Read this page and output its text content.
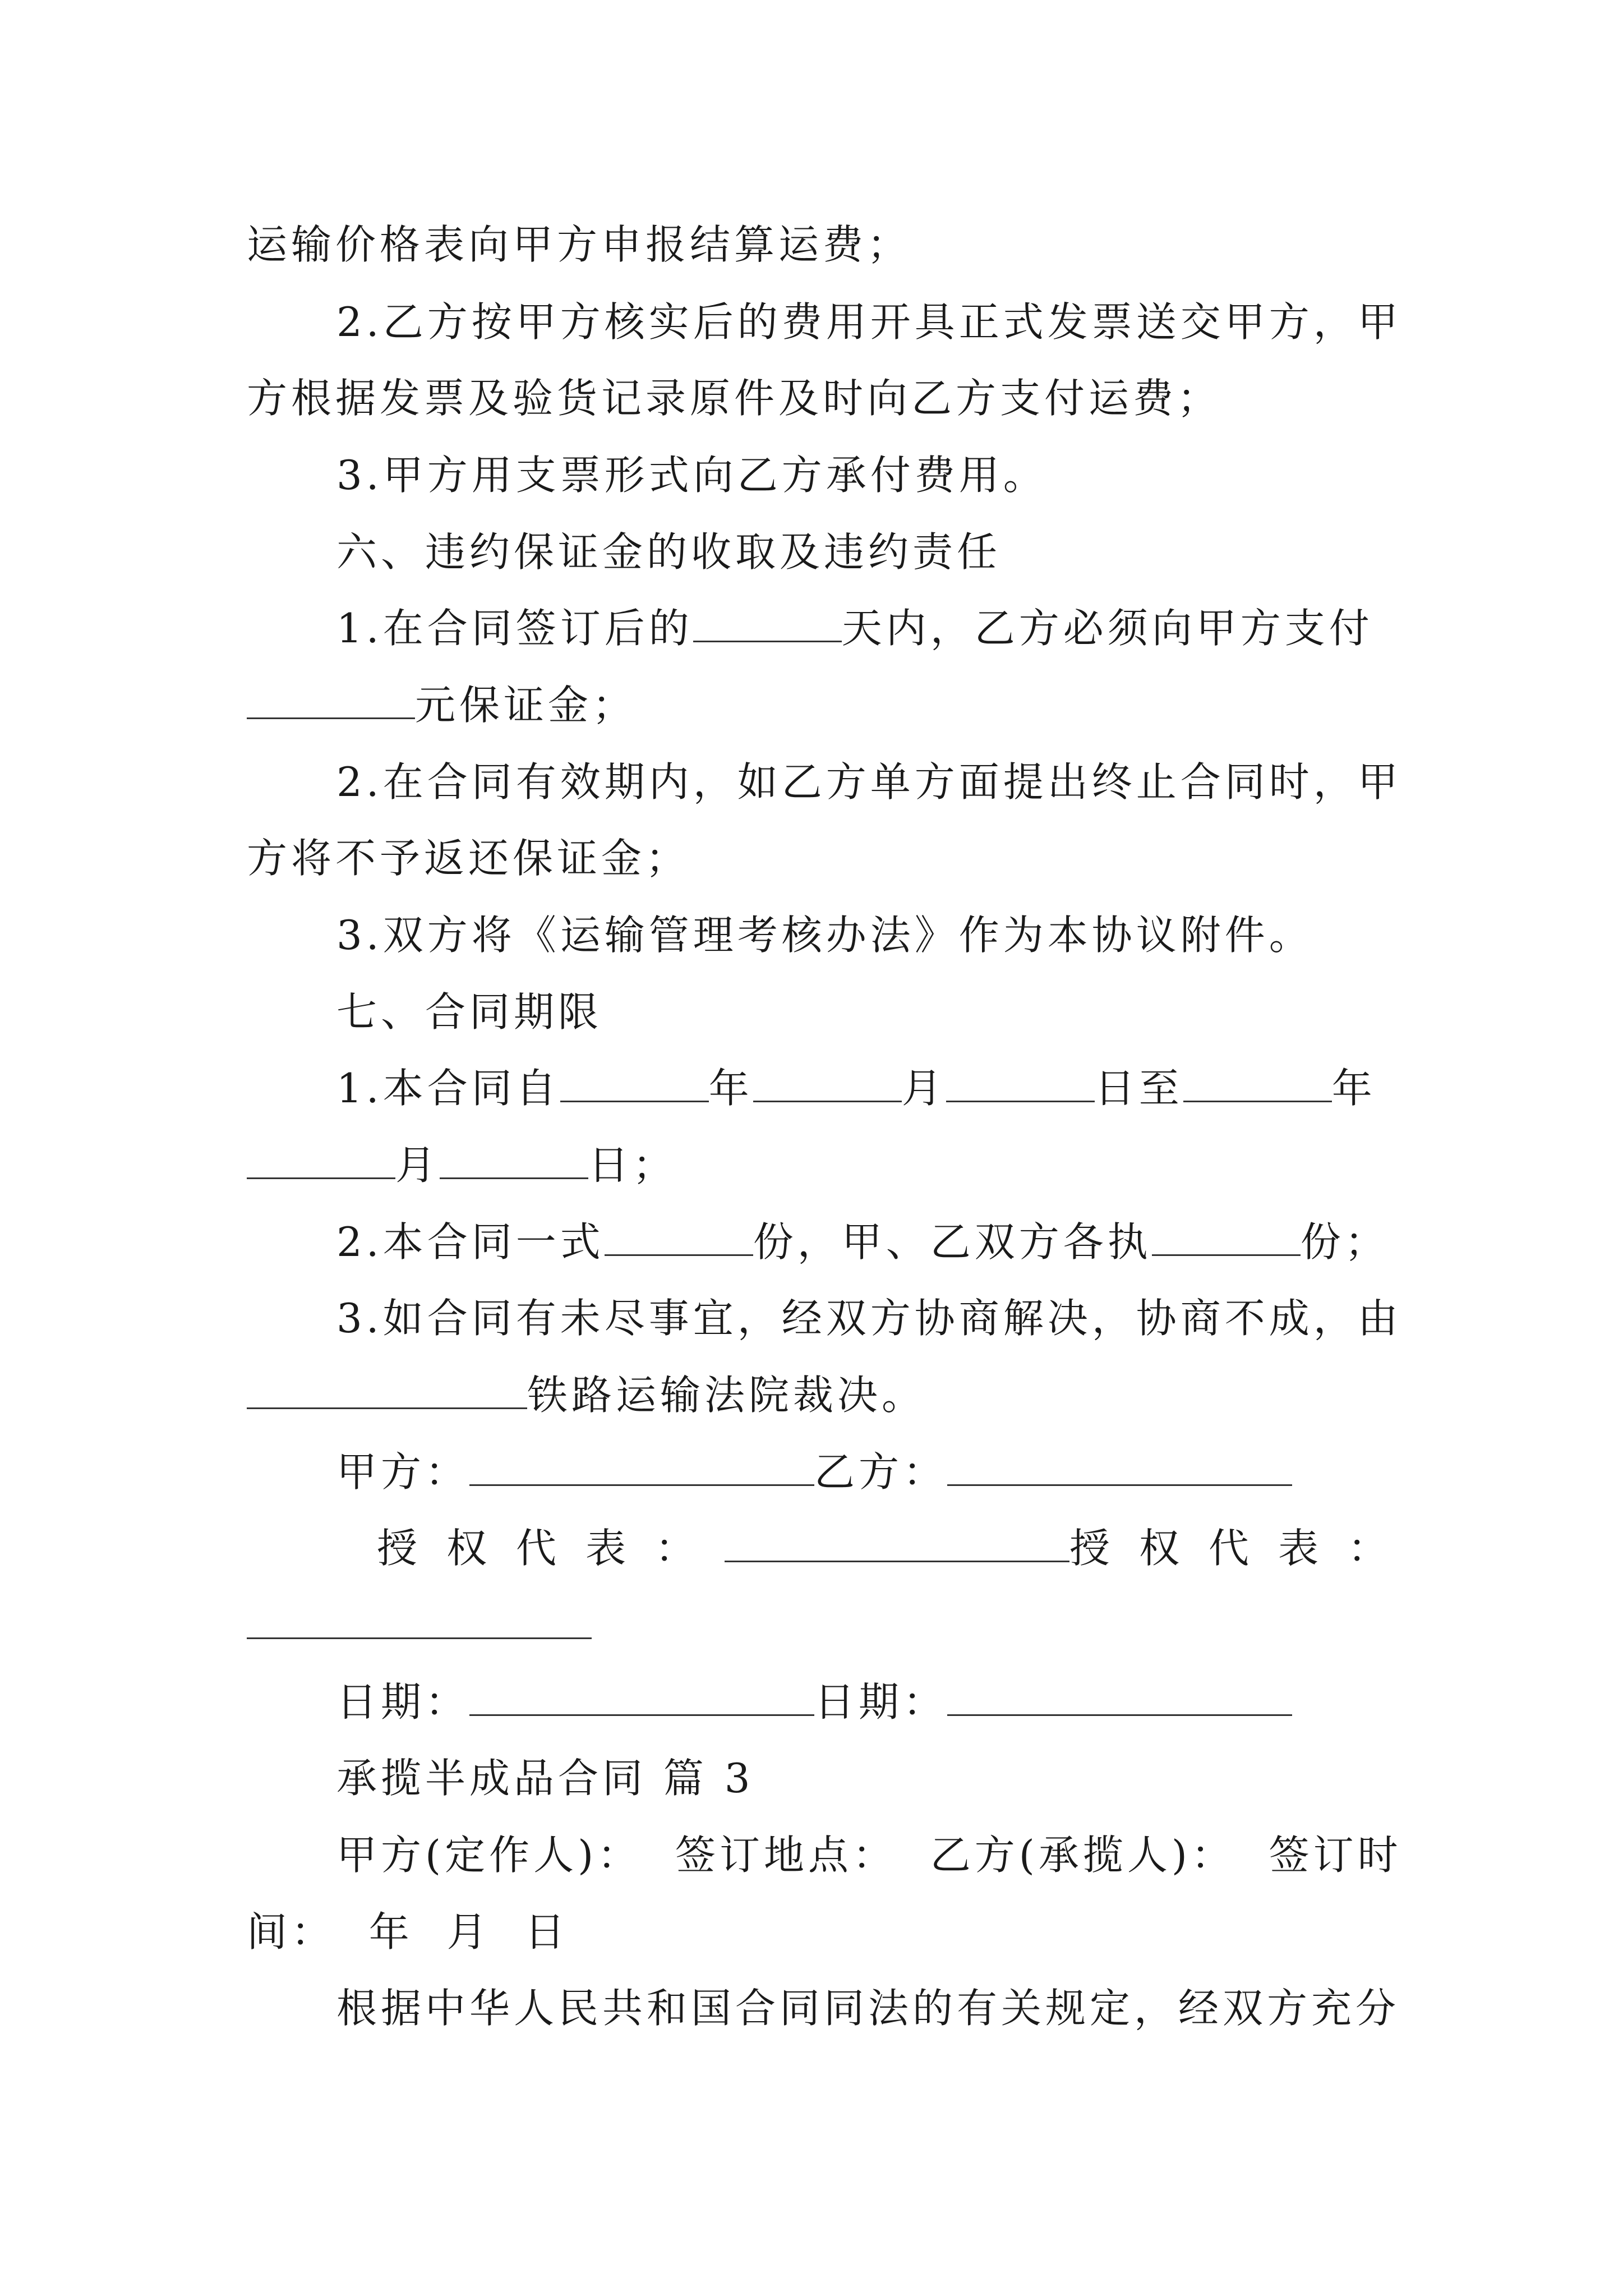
运输价格表向甲方申报结算运费；
2.乙方按甲方核实后的费用开具正式发票送交甲方，甲
方根据发票及验货记录原件及时向乙方支付运费；
3.甲方用支票形式向乙方承付费用。
六、违约保证金的收取及违约责任
1.在合同签订后的	天内，乙方必须向甲方支付
元保证金；
2.在合同有效期内，如乙方单方面提出终止合同时，甲
方将不予返还保证金；
3.双方将《运输管理考核办法》作为本协议附件。
七、合同期限
1.本合同自	年	月	日至	年
月	日；
2.本合同一式	份，甲、乙双方各执	份；
3.如合同有未尽事宜，经双方协商解决，协商不成，由
铁路运输法院裁决。
甲方：	乙方：
授权代表：	授权代表：
日期：	日期：
承揽半成品合同 篇 3
甲方(定作人)：  签订地点：  乙方(承揽人)：  签订时
间：  年  月  日
根据中华人民共和国合同同法的有关规定，经双方充分
